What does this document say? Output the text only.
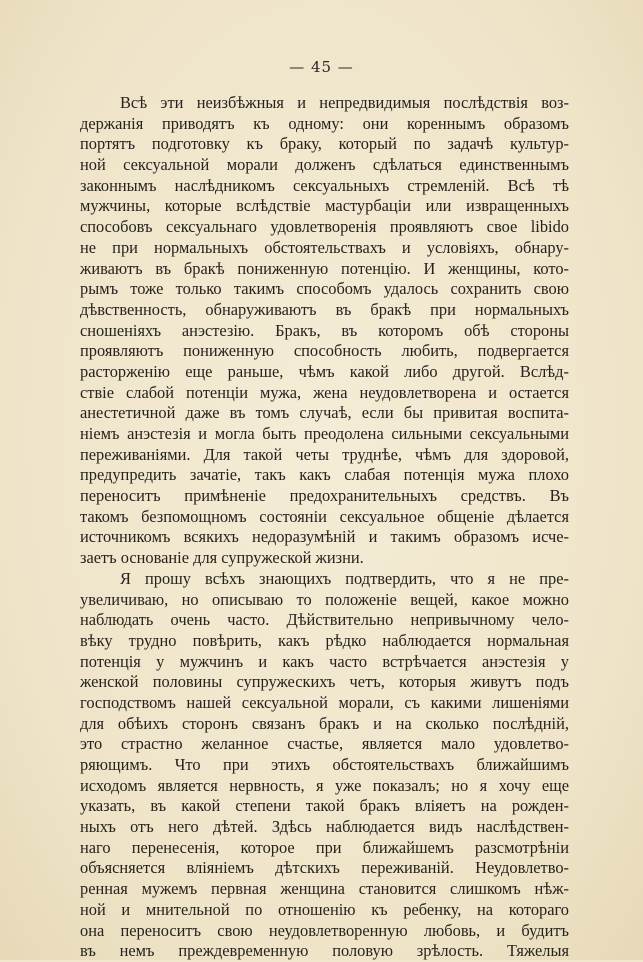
— 45 —
Всѣ эти неизбѣжныя и непредвидимыя послѣдствія воз-
держанія приводятъ къ одному: они кореннымъ образомъ
портятъ подготовку къ браку, который по задачѣ культур-
ной сексуальной морали долженъ сдѣлаться единственнымъ
законнымъ наслѣдникомъ сексуальныхъ стремленій. Всѣ тѣ
мужчины, которые вслѣдствіе мастурбаціи или извращенныхъ
способовъ сексуальнаго удовлетворенія проявляютъ свое libido
не при нормальныхъ обстоятельствахъ и условіяхъ, обнару-
живаютъ въ бракѣ пониженную потенцію. И женщины, кото-
рымъ тоже только такимъ способомъ удалось сохранить свою
дѣвственность, обнаруживаютъ въ бракѣ при нормальныхъ
сношеніяхъ анэстезію. Бракъ, въ которомъ обѣ стороны
проявляютъ пониженную способность любить, подвергается
расторженію еще раньше, чѣмъ какой либо другой. Вслѣд-
ствіе слабой потенціи мужа, жена неудовлетворена и остается
анестетичной даже въ томъ случаѣ, если бы привитая воспита-
ніемъ анэстезія и могла быть преодолена сильными сексуальными
переживаніями. Для такой четы труднѣе, чѣмъ для здоровой,
предупредить зачатіе, такъ какъ слабая потенція мужа плохо
переноситъ примѣненіе предохранительныхъ средствъ. Въ
такомъ безпомощномъ состояніи сексуальное общеніе дѣлается
источникомъ всякихъ недоразумѣній и такимъ образомъ исче-
заетъ основаніе для супружеской жизни.
Я прошу всѣхъ знающихъ подтвердить, что я не пре-
увеличиваю, но описываю то положеніе вещей, какое можно
наблюдать очень часто. Дѣйствительно непривычному чело-
вѣку трудно повѣрить, какъ рѣдко наблюдается нормальная
потенція у мужчинъ и какъ часто встрѣчается анэстезія у
женской половины супружескихъ четъ, которыя живутъ подъ
господствомъ нашей сексуальной морали, съ какими лишеніями
для обѣихъ сторонъ связанъ бракъ и на сколько послѣдній,
это страстно желанное счастье, является мало удовлетво-
ряющимъ. Что при этихъ обстоятельствахъ ближайшимъ
исходомъ является нервность, я уже показалъ; но я хочу еще
указать, въ какой степени такой бракъ вліяетъ на рожден-
ныхъ отъ него дѣтей. Здѣсь наблюдается видъ наслѣдствен-
наго перенесенія, которое при ближайшемъ разсмотрѣніи
объясняется вліяніемъ дѣтскихъ переживаній. Неудовлетво-
ренная мужемъ первная женщина становится слишкомъ нѣж-
ной и мнительной по отношенію къ ребенку, на котораго
она переноситъ свою неудовлетворенную любовь, и будитъ
въ немъ преждевременную половую зрѣлость. Тяжелыя
